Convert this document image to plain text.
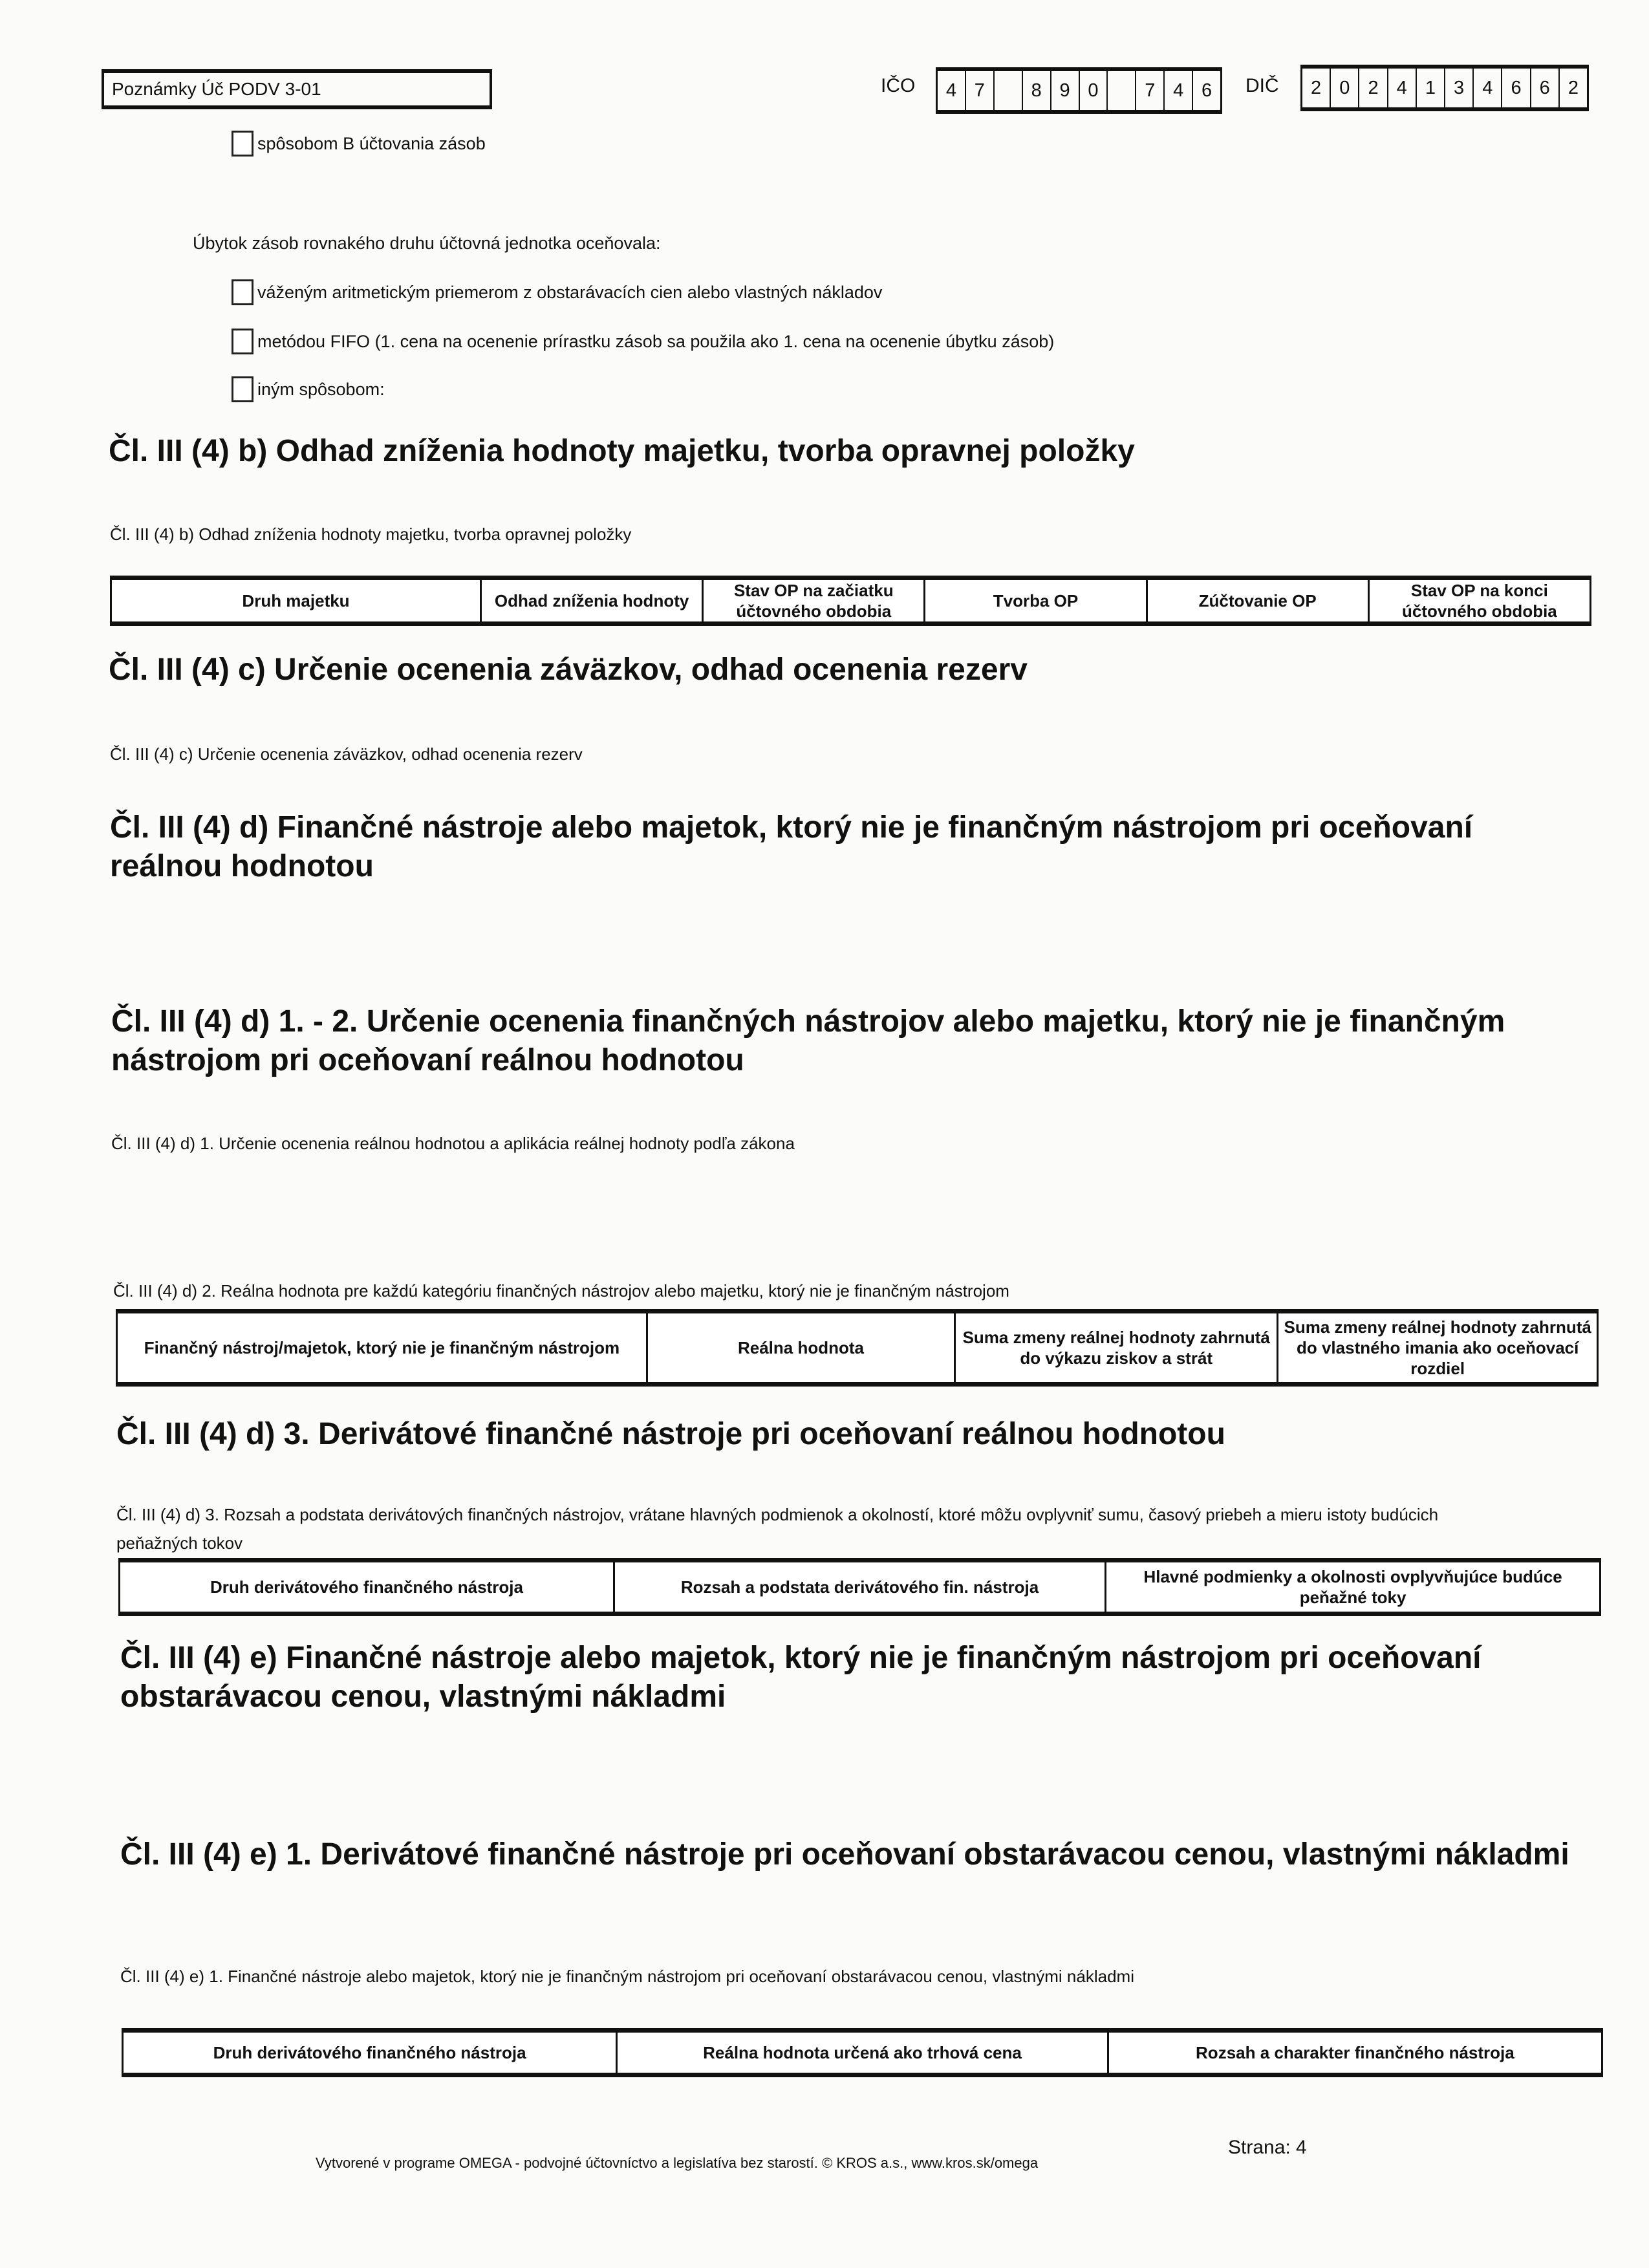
Poznámky Úč PODV 3-01	IČO	4 7	8 9 0	7 4 6	DIČ	2 0 2 4 1 3 4 6 6 2
spôsobom B účtovania zásob
Úbytok zásob rovnakého druhu účtovná jednotka oceňovala:
váženým aritmetickým priemerom z obstarávacích cien alebo vlastných nákladov
metódou FIFO (1. cena na ocenenie prírastku zásob sa použila ako 1. cena na ocenenie úbytku zásob)
iným spôsobom:
Čl. III (4) b) Odhad zníženia hodnoty majetku, tvorba opravnej položky
Čl. III (4) b) Odhad zníženia hodnoty majetku, tvorba opravnej položky
Druh majetku	Odhad zníženia hodnoty	Stav OP na začiatku účtovného obdobia	Tvorba OP	Zúčtovanie OP	Stav OP na konci účtovného obdobia
Čl. III (4) c) Určenie ocenenia záväzkov, odhad ocenenia rezerv
Čl. III (4) c) Určenie ocenenia záväzkov, odhad ocenenia rezerv
Čl. III (4) d) Finančné nástroje alebo majetok, ktorý nie je finančným nástrojom pri oceňovaní reálnou hodnotou
Čl. III (4) d) 1. - 2. Určenie ocenenia finančných nástrojov alebo majetku, ktorý nie je finančným nástrojom pri oceňovaní reálnou hodnotou
Čl. III (4) d) 1. Určenie ocenenia reálnou hodnotou a aplikácia reálnej hodnoty podľa zákona
Čl. III (4) d) 2. Reálna hodnota pre každú kategóriu finančných nástrojov alebo majetku, ktorý nie je finančným nástrojom
Finančný nástroj/majetok, ktorý nie je finančným nástrojom	Reálna hodnota	Suma zmeny reálnej hodnoty zahrnutá do výkazu ziskov a strát	Suma zmeny reálnej hodnoty zahrnutá do vlastného imania ako oceňovací rozdiel
Čl. III (4) d) 3. Derivátové finančné nástroje pri oceňovaní reálnou hodnotou
Čl. III (4) d) 3. Rozsah a podstata derivátových finančných nástrojov, vrátane hlavných podmienok a okolností, ktoré môžu ovplyvniť sumu, časový priebeh a mieru istoty budúcich peňažných tokov
Druh derivátového finančného nástroja	Rozsah a podstata derivátového fin. nástroja	Hlavné podmienky a okolnosti ovplyvňujúce budúce peňažné toky
Čl. III (4) e) Finančné nástroje alebo majetok, ktorý nie je finančným nástrojom pri oceňovaní obstarávacou cenou, vlastnými nákladmi
Čl. III (4) e) 1. Derivátové finančné nástroje pri oceňovaní obstarávacou cenou, vlastnými nákladmi
Čl. III (4) e) 1. Finančné nástroje alebo majetok, ktorý nie je finančným nástrojom pri oceňovaní obstarávacou cenou, vlastnými nákladmi
Druh derivátového finančného nástroja	Reálna hodnota určená ako trhová cena	Rozsah a charakter finančného nástroja
Vytvorené v programe OMEGA - podvojné účtovníctvo a legislatíva bez starostí. © KROS a.s., www.kros.sk/omega
Strana: 4
